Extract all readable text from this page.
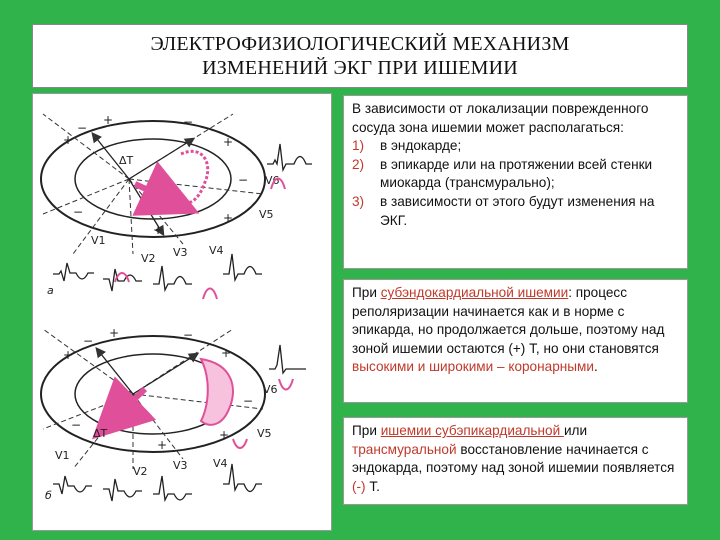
ЭЛЕКТРОФИЗИОЛОГИЧЕСКИЙ МЕХАНИЗМ
ИЗМЕНЕНИЙ ЭКГ ПРИ ИШЕМИИ
+
−
+	−
+
−
−	+
+
ΔT
V1
V2 V3 V4
V5
V6
а
+
−
+	−
+
−
−
+
+
ΔT
V1
V2 V3 V4
V5
V6
б
В зависимости от локализации поврежденного сосуда зона ишемии может располагаться:
1) в эндокарде;
2) в эпикарде или на протяжении всей стенки миокарда (трансмурально);
3) в зависимости от этого будут изменения на ЭКГ.
При субэндокардиальной ишемии: процесс реполяризации начинается как и в норме с эпикарда, но продолжается дольше, поэтому над зоной ишемии остаются (+) Т, но они становятся высокими и широкими – коронарными.
При ишемии субэпикардиальной или трансмуральной восстановление начинается с эндокарда, поэтому над зоной ишемии появляется (-) Т.
